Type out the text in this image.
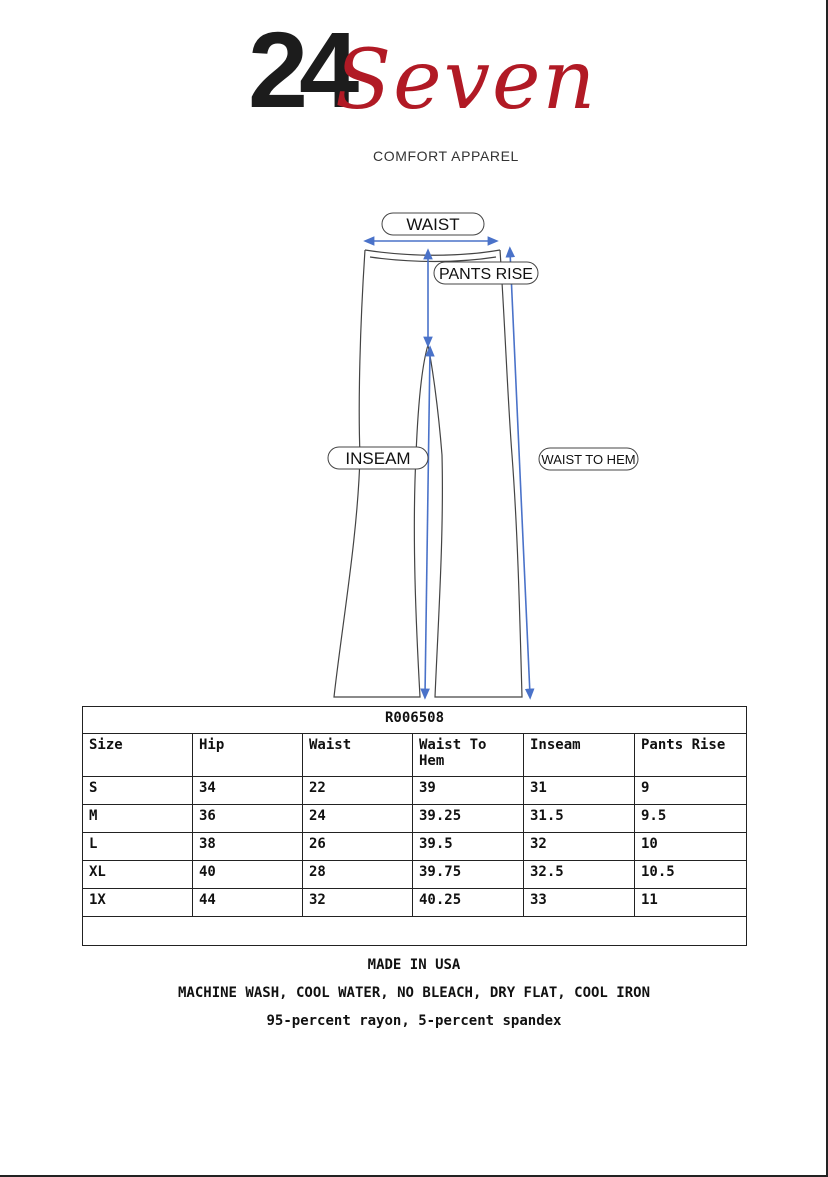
24
Seven
COMFORT APPAREL
WAIST
PANTS RISE
INSEAM	WAIST TO HEM
R006508					
Size	Hip	Waist	Waist To Hem	Inseam	Pants Rise
S	34	22	39	31	9
M	36	24	39.25	31.5	9.5
L	38	26	39.5	32	10
XL	40	28	39.75	32.5	10.5
1X	44	32	40.25	33	11

MADE IN USA
MACHINE WASH, COOL WATER, NO BLEACH, DRY FLAT, COOL IRON
95-percent rayon, 5-percent spandex
